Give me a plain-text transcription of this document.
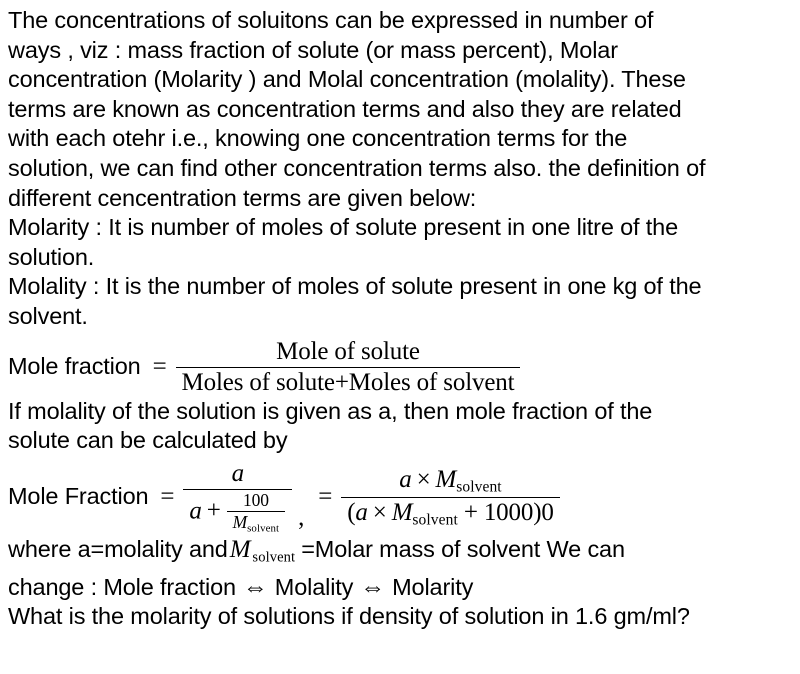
The concentrations of soluitons can be expressed in number of
ways , viz : mass fraction of solute (or mass percent), Molar
concentration (Molarity ) and Molal concentration (molality). These
terms are known as concentration terms and also they are related
with each otehr i.e., knowing one concentration terms for the
solution, we can find other concentration terms also. the definition of
different cencentration terms are given below:
Molarity : It is number of moles of solute present in one litre of the
solution.
Molality : It is the number of moles of solute present in one kg of the
solvent.
Mole fraction = $\frac{\text{Mole of solute}}{\text{Moles of solute+Moles of solvent}}$
If molality of the solution is given as a, then mole fraction of the
solute can be calculated by
Mole Fraction = $\frac{a}{a + \frac{100}{M_{solvent}}}$ ,
= $\frac{a \times M_{solvent}}{(a \times M_{solvent} + 1000)0}$
where a=molality andM $_{solvent}$ =Molar mass of solvent We can
change : Mole fraction ⇔ Molality ⇔ Molarity
What is the molarity of solutions if density of solution in 1.6 gm/ml?
